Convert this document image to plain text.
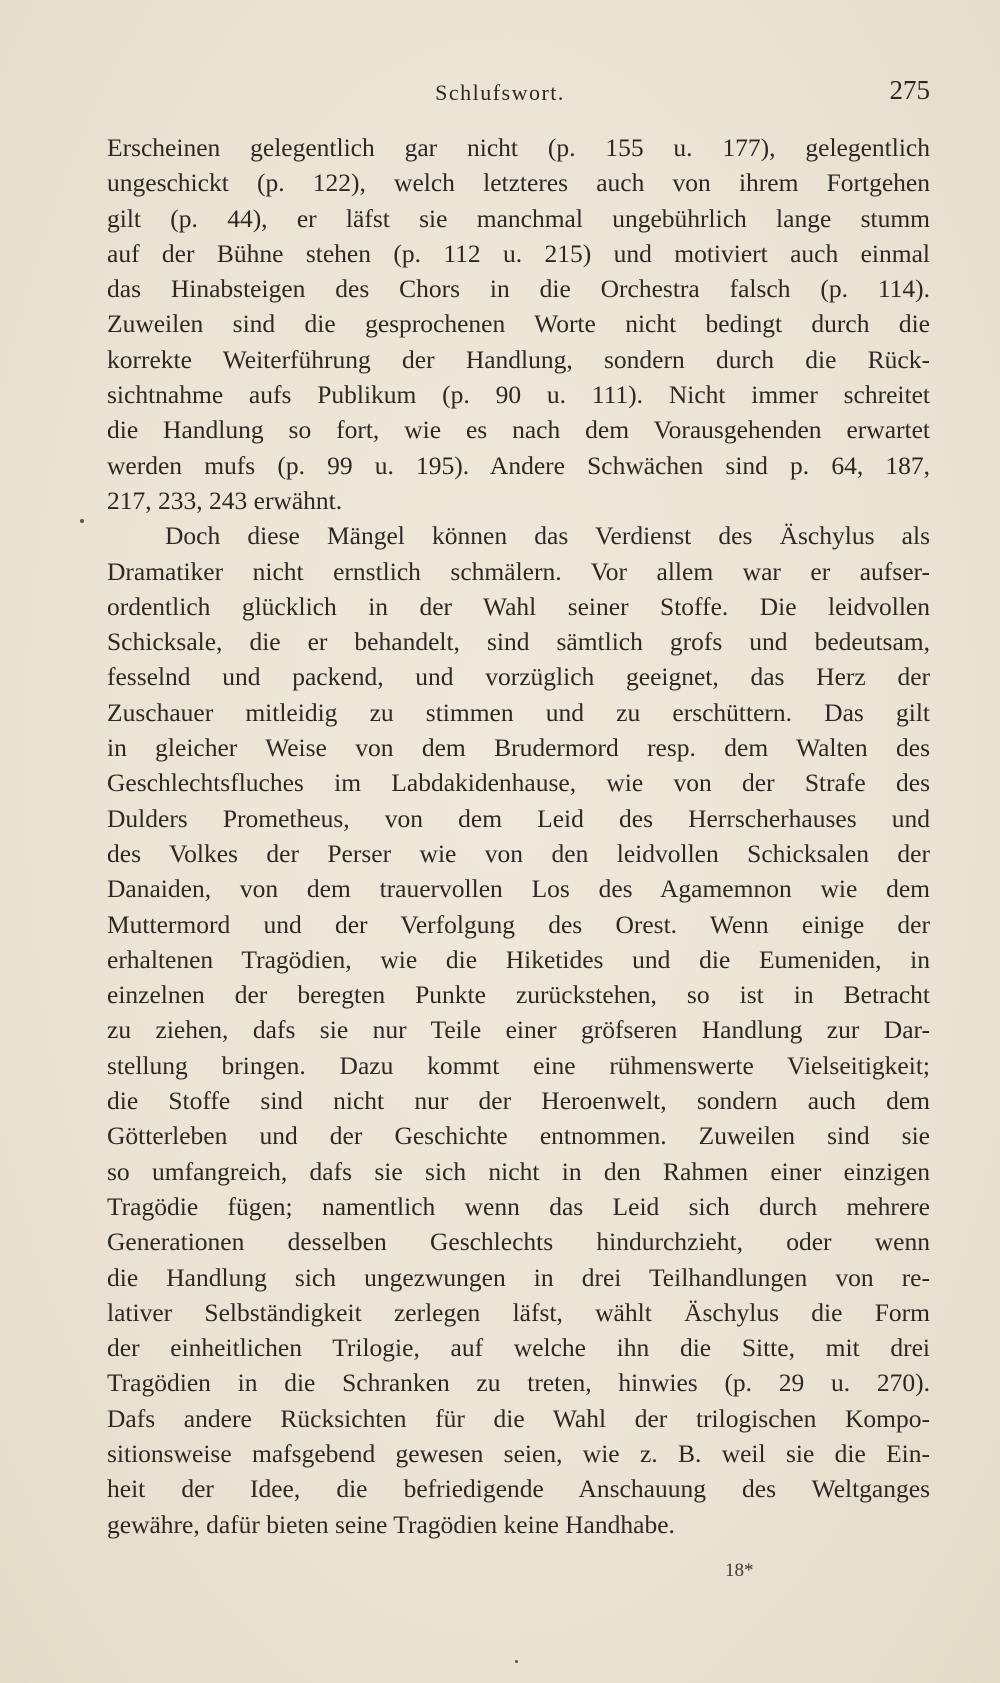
Schlufswort.	275
Erscheinen gelegentlich gar nicht (p. 155 u. 177), gelegentlich
ungeschickt (p. 122), welch letzteres auch von ihrem Fortgehen
gilt (p. 44), er läfst sie manchmal ungebührlich lange stumm
auf der Bühne stehen (p. 112 u. 215) und motiviert auch einmal
das Hinabsteigen des Chors in die Orchestra falsch (p. 114).
Zuweilen sind die gesprochenen Worte nicht bedingt durch die
korrekte Weiterführung der Handlung, sondern durch die Rück-
sichtnahme aufs Publikum (p. 90 u. 111). Nicht immer schreitet
die Handlung so fort, wie es nach dem Vorausgehenden erwartet
werden mufs (p. 99 u. 195). Andere Schwächen sind p. 64, 187,
217, 233, 243 erwähnt.
Doch diese Mängel können das Verdienst des Äschylus als
Dramatiker nicht ernstlich schmälern. Vor allem war er aufser-
ordentlich glücklich in der Wahl seiner Stoffe. Die leidvollen
Schicksale, die er behandelt, sind sämtlich grofs und bedeutsam,
fesselnd und packend, und vorzüglich geeignet, das Herz der
Zuschauer mitleidig zu stimmen und zu erschüttern. Das gilt
in gleicher Weise von dem Brudermord resp. dem Walten des
Geschlechtsfluches im Labdakidenhause, wie von der Strafe des
Dulders Prometheus, von dem Leid des Herrscherhauses und
des Volkes der Perser wie von den leidvollen Schicksalen der
Danaiden, von dem trauervollen Los des Agamemnon wie dem
Muttermord und der Verfolgung des Orest. Wenn einige der
erhaltenen Tragödien, wie die Hiketides und die Eumeniden, in
einzelnen der beregten Punkte zurückstehen, so ist in Betracht
zu ziehen, dafs sie nur Teile einer gröfseren Handlung zur Dar-
stellung bringen. Dazu kommt eine rühmenswerte Vielseitigkeit;
die Stoffe sind nicht nur der Heroenwelt, sondern auch dem
Götterleben und der Geschichte entnommen. Zuweilen sind sie
so umfangreich, dafs sie sich nicht in den Rahmen einer einzigen
Tragödie fügen; namentlich wenn das Leid sich durch mehrere
Generationen desselben Geschlechts hindurchzieht, oder wenn
die Handlung sich ungezwungen in drei Teilhandlungen von re-
lativer Selbständigkeit zerlegen läfst, wählt Äschylus die Form
der einheitlichen Trilogie, auf welche ihn die Sitte, mit drei
Tragödien in die Schranken zu treten, hinwies (p. 29 u. 270).
Dafs andere Rücksichten für die Wahl der trilogischen Kompo-
sitionsweise mafsgebend gewesen seien, wie z. B. weil sie die Ein-
heit der Idee, die befriedigende Anschauung des Weltganges
gewähre, dafür bieten seine Tragödien keine Handhabe.
18*
